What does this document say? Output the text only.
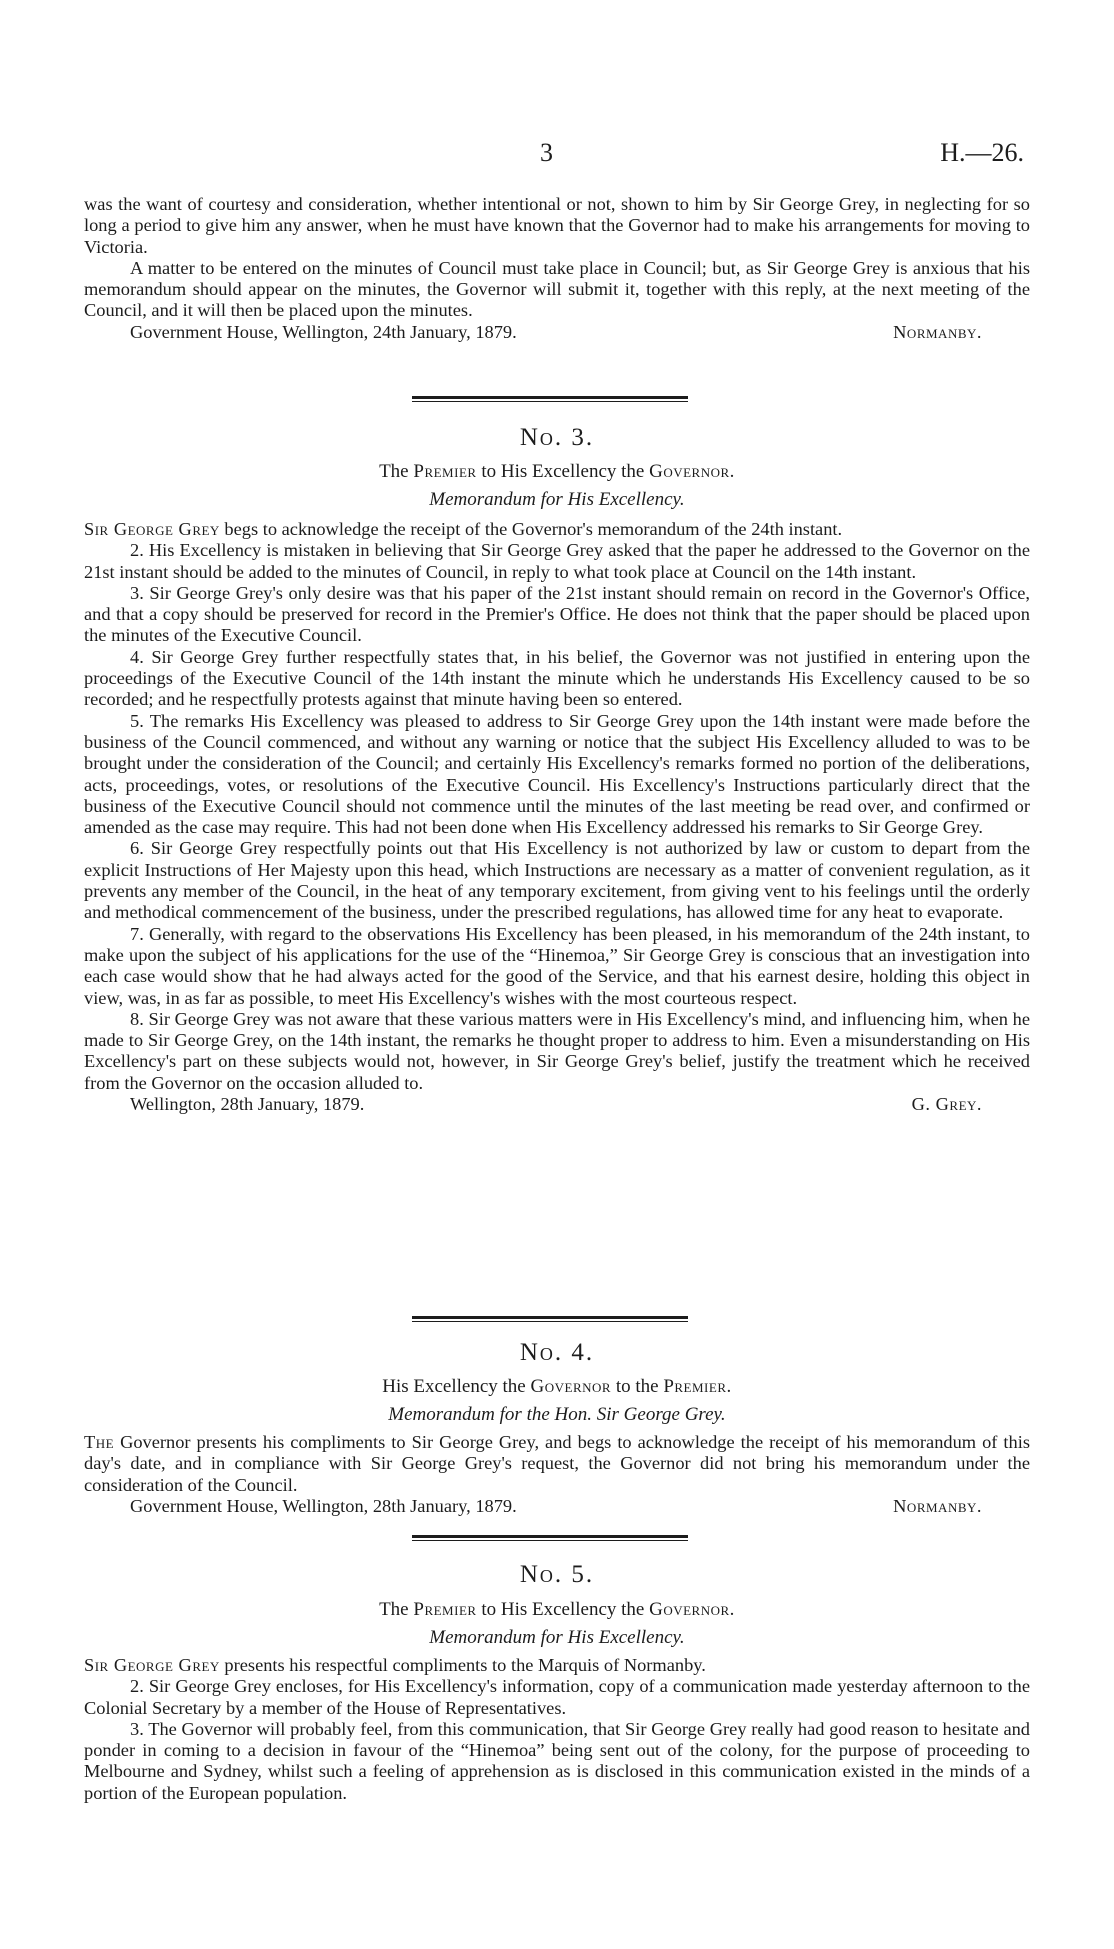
3	H.—26.

was the want of courtesy and consideration, whether intentional or not, shown to him by Sir George Grey, in neglecting for so long a period to give him any answer, when he must have known that the Governor had to make his arrangements for moving to Victoria.

A matter to be entered on the minutes of Council must take place in Council; but, as Sir George Grey is anxious that his memorandum should appear on the minutes, the Governor will submit it, together with this reply, at the next meeting of the Council, and it will then be placed upon the minutes.

Government House, Wellington, 24th January, 1879.	Normanby.
No. 3.
The Premier to His Excellency the Governor.
Memorandum for His Excellency.

Sir George Grey begs to acknowledge the receipt of the Governor's memorandum of the 24th instant.

2. His Excellency is mistaken in believing that Sir George Grey asked that the paper he addressed to the Governor on the 21st instant should be added to the minutes of Council, in reply to what took place at Council on the 14th instant.

3. Sir George Grey's only desire was that his paper of the 21st instant should remain on record in the Governor's Office, and that a copy should be preserved for record in the Premier's Office. He does not think that the paper should be placed upon the minutes of the Executive Council.

4. Sir George Grey further respectfully states that, in his belief, the Governor was not justified in entering upon the proceedings of the Executive Council of the 14th instant the minute which he understands His Excellency caused to be so recorded; and he respectfully protests against that minute having been so entered.

5. The remarks His Excellency was pleased to address to Sir George Grey upon the 14th instant were made before the business of the Council commenced, and without any warning or notice that the subject His Excellency alluded to was to be brought under the consideration of the Council; and certainly His Excellency's remarks formed no portion of the deliberations, acts, proceedings, votes, or resolutions of the Executive Council. His Excellency's Instructions particularly direct that the business of the Executive Council should not commence until the minutes of the last meeting be read over, and confirmed or amended as the case may require. This had not been done when His Excellency addressed his remarks to Sir George Grey.

6. Sir George Grey respectfully points out that His Excellency is not authorized by law or custom to depart from the explicit Instructions of Her Majesty upon this head, which Instructions are necessary as a matter of convenient regulation, as it prevents any member of the Council, in the heat of any temporary excitement, from giving vent to his feelings until the orderly and methodical commencement of the business, under the prescribed regulations, has allowed time for any heat to evaporate.

7. Generally, with regard to the observations His Excellency has been pleased, in his memorandum of the 24th instant, to make upon the subject of his applications for the use of the “Hinemoa,” Sir George Grey is conscious that an investigation into each case would show that he had always acted for the good of the Service, and that his earnest desire, holding this object in view, was, in as far as possible, to meet His Excellency's wishes with the most courteous respect.

8. Sir George Grey was not aware that these various matters were in His Excellency's mind, and influencing him, when he made to Sir George Grey, on the 14th instant, the remarks he thought proper to address to him. Even a misunderstanding on His Excellency's part on these subjects would not, however, in Sir George Grey's belief, justify the treatment which he received from the Governor on the occasion alluded to.

Wellington, 28th January, 1879.	G. Grey.
No. 4.
His Excellency the Governor to the Premier.
Memorandum for the Hon. Sir George Grey.

The Governor presents his compliments to Sir George Grey, and begs to acknowledge the receipt of his memorandum of this day's date, and in compliance with Sir George Grey's request, the Governor did not bring his memorandum under the consideration of the Council.

Government House, Wellington, 28th January, 1879.	Normanby.
No. 5.
The Premier to His Excellency the Governor.
Memorandum for His Excellency.

Sir George Grey presents his respectful compliments to the Marquis of Normanby.

2. Sir George Grey encloses, for His Excellency's information, copy of a communication made yesterday afternoon to the Colonial Secretary by a member of the House of Representatives.

3. The Governor will probably feel, from this communication, that Sir George Grey really had good reason to hesitate and ponder in coming to a decision in favour of the “Hinemoa” being sent out of the colony, for the purpose of proceeding to Melbourne and Sydney, whilst such a feeling of apprehension as is disclosed in this communication existed in the minds of a portion of the European population.
